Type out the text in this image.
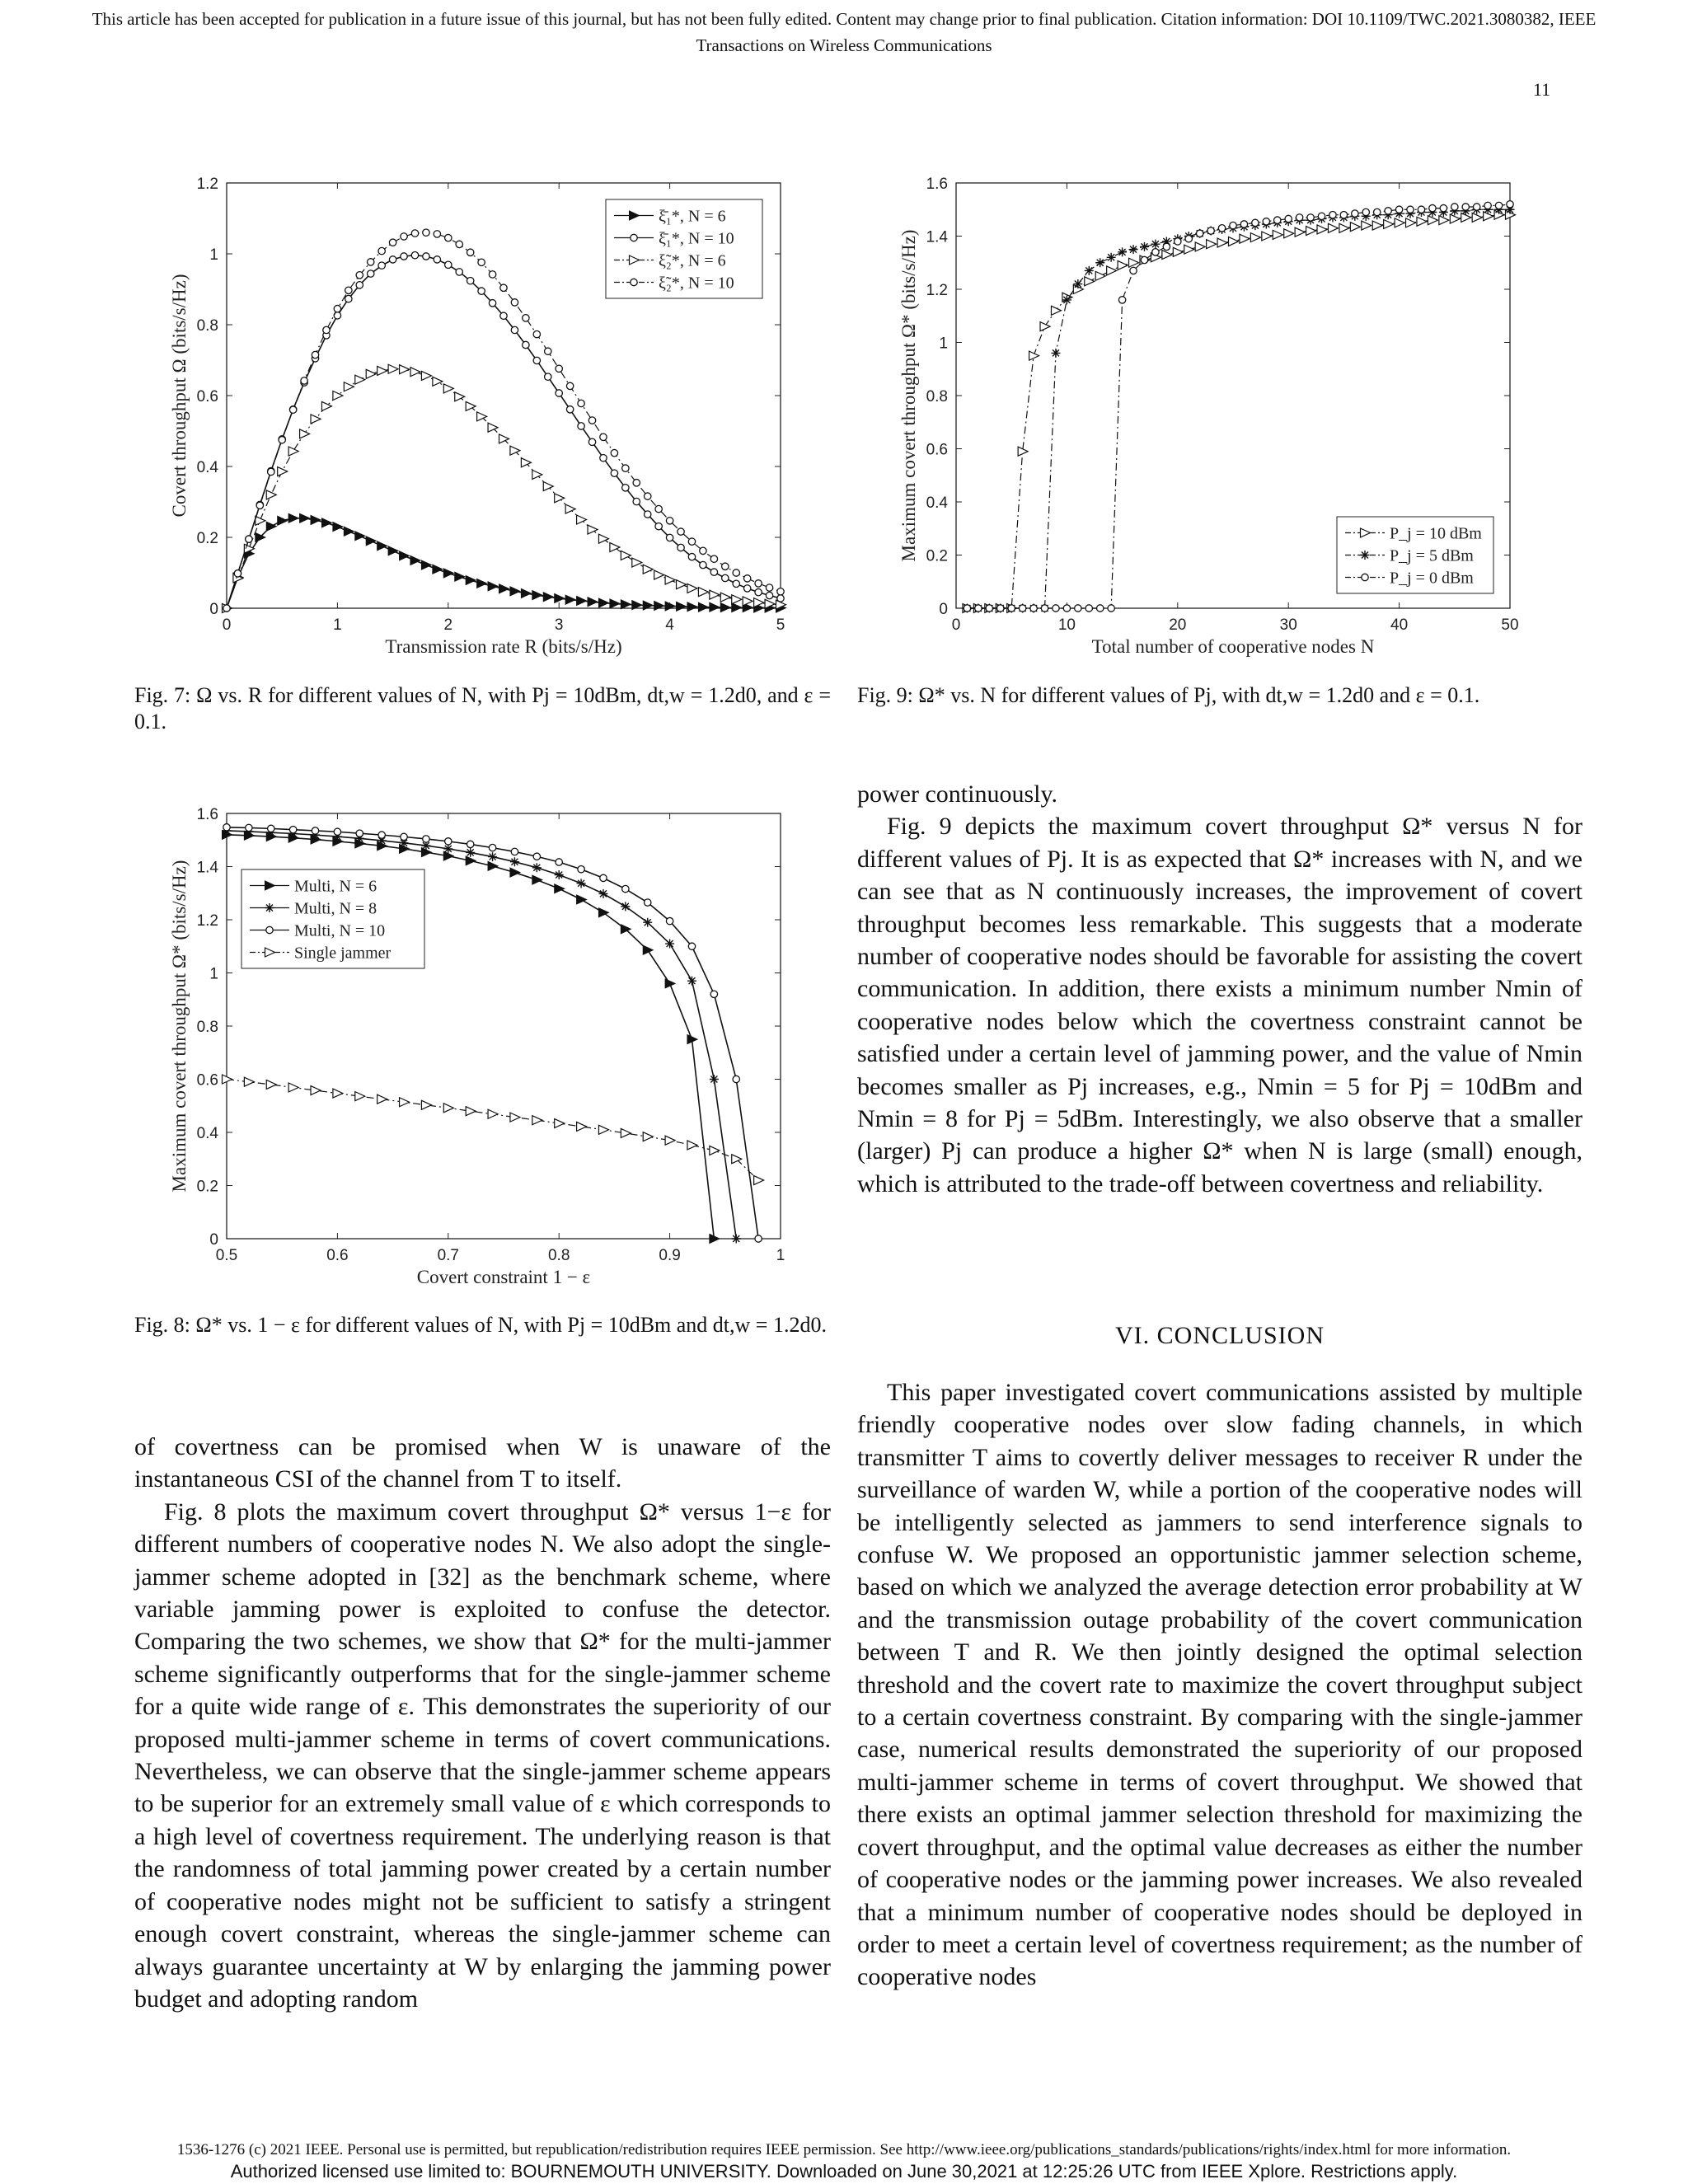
This article has been accepted for publication in a future issue of this journal, but has not been fully edited. Content may change prior to final publication. Citation information: DOI 10.1109/TWC.2021.3080382, IEEE
Transactions on Wireless Communications
11
0	1	2	3	4	5
0
0.2
0.4
0.6
0.8
1
1.2
Transmission rate R (bits/s/Hz)
Covert throughput Ω (bits/s/Hz)
ξ̄₁*, N = 6
ξ̄₁*, N = 10
ξ̃₂*, N = 6
ξ̃₂*, N = 10
0	10	20	30	40	50
0
0.2
0.4
0.6
0.8
1
1.2
1.4
1.6
Total number of cooperative nodes N
Maximum covert throughput Ω* (bits/s/Hz)	P_j = 10 dBm
P_j = 5 dBm
P_j = 0 dBm
0.5	0.6	0.7	0.8	0.9	1
0
0.2
0.4
0.6
0.8
1
1.2
1.4
1.6
Covert constraint 1 − ε
Maximum covert throughput Ω* (bits/s/Hz)	Multi, N = 6
Multi, N = 8
Multi, N = 10
Single jammer
Fig. 7: Ω vs. R for different values of N, with Pj = 10dBm, dt,w = 1.2d0, and ε = 0.1.
Fig. 9: Ω* vs. N for different values of Pj, with dt,w = 1.2d0 and ε = 0.1.
Fig. 8: Ω* vs. 1 − ε for different values of N, with Pj = 10dBm and dt,w = 1.2d0.

of covertness can be promised when W is unaware of the instantaneous CSI of the channel from T to itself.

Fig. 8 plots the maximum covert throughput Ω* versus 1−ε for different numbers of cooperative nodes N. We also adopt the single-jammer scheme adopted in [32] as the benchmark scheme, where variable jamming power is exploited to confuse the detector. Comparing the two schemes, we show that Ω* for the multi-jammer scheme significantly outperforms that for the single-jammer scheme for a quite wide range of ε. This demonstrates the superiority of our proposed multi-jammer scheme in terms of covert communications. Nevertheless, we can observe that the single-jammer scheme appears to be superior for an extremely small value of ε which corresponds to a high level of covertness requirement. The underlying reason is that the randomness of total jamming power created by a certain number of cooperative nodes might not be sufficient to satisfy a stringent enough covert constraint, whereas the single-jammer scheme can always guarantee uncertainty at W by enlarging the jamming power budget and adopting random

power continuously.

Fig. 9 depicts the maximum covert throughput Ω* versus N for different values of Pj. It is as expected that Ω* increases with N, and we can see that as N continuously increases, the improvement of covert throughput becomes less remarkable. This suggests that a moderate number of cooperative nodes should be favorable for assisting the covert communication. In addition, there exists a minimum number Nmin of cooperative nodes below which the covertness constraint cannot be satisfied under a certain level of jamming power, and the value of Nmin becomes smaller as Pj increases, e.g., Nmin = 5 for Pj = 10dBm and Nmin = 8 for Pj = 5dBm. Interestingly, we also observe that a smaller (larger) Pj can produce a higher Ω* when N is large (small) enough, which is attributed to the trade-off between covertness and reliability.

VI. CONCLUSION

This paper investigated covert communications assisted by multiple friendly cooperative nodes over slow fading channels, in which transmitter T aims to covertly deliver messages to receiver R under the surveillance of warden W, while a portion of the cooperative nodes will be intelligently selected as jammers to send interference signals to confuse W. We proposed an opportunistic jammer selection scheme, based on which we analyzed the average detection error probability at W and the transmission outage probability of the covert communication between T and R. We then jointly designed the optimal selection threshold and the covert rate to maximize the covert throughput subject to a certain covertness constraint. By comparing with the single-jammer case, numerical results demonstrated the superiority of our proposed multi-jammer scheme in terms of covert throughput. We showed that there exists an optimal jammer selection threshold for maximizing the covert throughput, and the optimal value decreases as either the number of cooperative nodes or the jamming power increases. We also revealed that a minimum number of cooperative nodes should be deployed in order to meet a certain level of covertness requirement; as the number of cooperative nodes

1536-1276 (c) 2021 IEEE. Personal use is permitted, but republication/redistribution requires IEEE permission. See http://www.ieee.org/publications_standards/publications/rights/index.html for more information.
Authorized licensed use limited to: BOURNEMOUTH UNIVERSITY. Downloaded on June 30,2021 at 12:25:26 UTC from IEEE Xplore. Restrictions apply.
